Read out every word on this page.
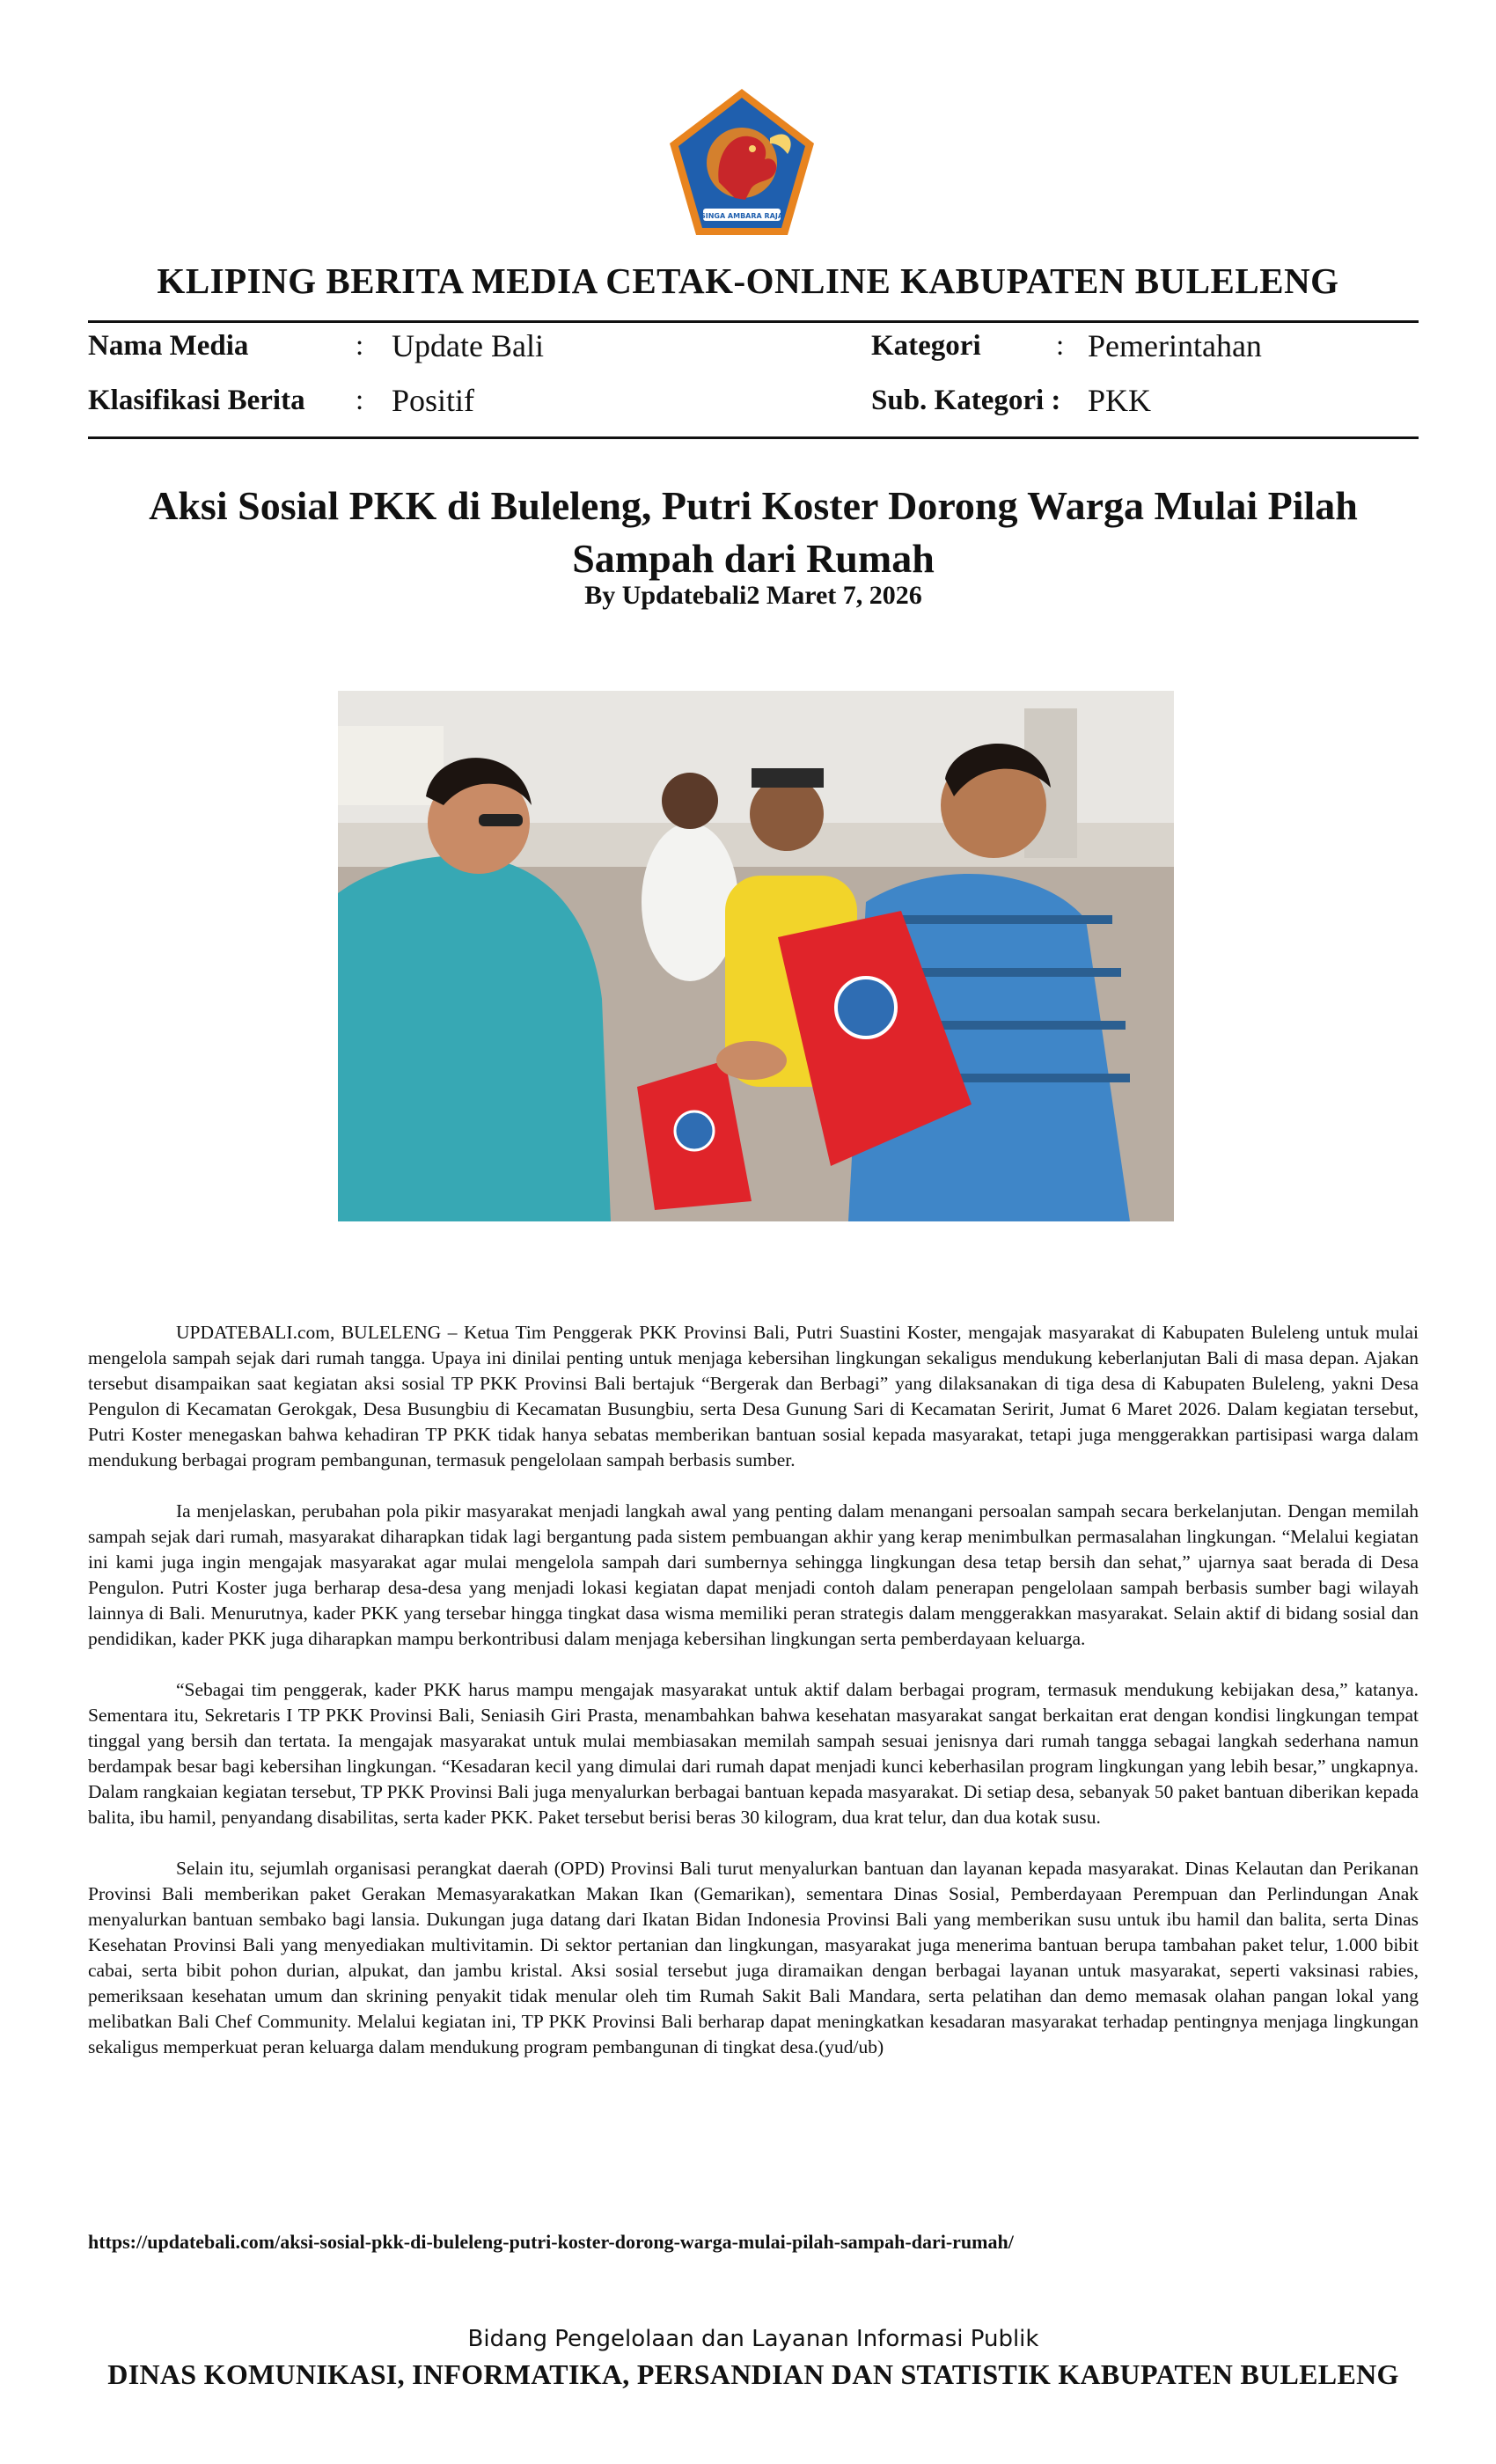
SINGA AMBARA RAJA
KLIPING BERITA MEDIA CETAK-ONLINE KABUPATEN BULELENG
Nama Media	: Update Bali
Klasifikasi Berita : Positif
Kategori	: Pemerintahan
Sub. Kategori : PKK
Aksi Sosial PKK di Buleleng, Putri Koster Dorong Warga Mulai Pilah Sampah dari Rumah
By Updatebali2 Maret 7, 2026

UPDATEBALI.com, BULELENG – Ketua Tim Penggerak PKK Provinsi Bali, Putri Suastini Koster, mengajak masyarakat di Kabupaten Buleleng untuk mulai mengelola sampah sejak dari rumah tangga. Upaya ini dinilai penting untuk menjaga kebersihan lingkungan sekaligus mendukung keberlanjutan Bali di masa depan. Ajakan tersebut disampaikan saat kegiatan aksi sosial TP PKK Provinsi Bali bertajuk “Bergerak dan Berbagi” yang dilaksanakan di tiga desa di Kabupaten Buleleng, yakni Desa Pengulon di Kecamatan Gerokgak, Desa Busungbiu di Kecamatan Busungbiu, serta Desa Gunung Sari di Kecamatan Seririt, Jumat 6 Maret 2026. Dalam kegiatan tersebut, Putri Koster menegaskan bahwa kehadiran TP PKK tidak hanya sebatas memberikan bantuan sosial kepada masyarakat, tetapi juga menggerakkan partisipasi warga dalam mendukung berbagai program pembangunan, termasuk pengelolaan sampah berbasis sumber.

Ia menjelaskan, perubahan pola pikir masyarakat menjadi langkah awal yang penting dalam menangani persoalan sampah secara berkelanjutan. Dengan memilah sampah sejak dari rumah, masyarakat diharapkan tidak lagi bergantung pada sistem pembuangan akhir yang kerap menimbulkan permasalahan lingkungan. “Melalui kegiatan ini kami juga ingin mengajak masyarakat agar mulai mengelola sampah dari sumbernya sehingga lingkungan desa tetap bersih dan sehat,” ujarnya saat berada di Desa Pengulon. Putri Koster juga berharap desa-desa yang menjadi lokasi kegiatan dapat menjadi contoh dalam penerapan pengelolaan sampah berbasis sumber bagi wilayah lainnya di Bali. Menurutnya, kader PKK yang tersebar hingga tingkat dasa wisma memiliki peran strategis dalam menggerakkan masyarakat. Selain aktif di bidang sosial dan pendidikan, kader PKK juga diharapkan mampu berkontribusi dalam menjaga kebersihan lingkungan serta pemberdayaan keluarga.

“Sebagai tim penggerak, kader PKK harus mampu mengajak masyarakat untuk aktif dalam berbagai program, termasuk mendukung kebijakan desa,” katanya. Sementara itu, Sekretaris I TP PKK Provinsi Bali, Seniasih Giri Prasta, menambahkan bahwa kesehatan masyarakat sangat berkaitan erat dengan kondisi lingkungan tempat tinggal yang bersih dan tertata. Ia mengajak masyarakat untuk mulai membiasakan memilah sampah sesuai jenisnya dari rumah tangga sebagai langkah sederhana namun berdampak besar bagi kebersihan lingkungan. “Kesadaran kecil yang dimulai dari rumah dapat menjadi kunci keberhasilan program lingkungan yang lebih besar,” ungkapnya. Dalam rangkaian kegiatan tersebut, TP PKK Provinsi Bali juga menyalurkan berbagai bantuan kepada masyarakat. Di setiap desa, sebanyak 50 paket bantuan diberikan kepada balita, ibu hamil, penyandang disabilitas, serta kader PKK. Paket tersebut berisi beras 30 kilogram, dua krat telur, dan dua kotak susu.

Selain itu, sejumlah organisasi perangkat daerah (OPD) Provinsi Bali turut menyalurkan bantuan dan layanan kepada masyarakat. Dinas Kelautan dan Perikanan Provinsi Bali memberikan paket Gerakan Memasyarakatkan Makan Ikan (Gemarikan), sementara Dinas Sosial, Pemberdayaan Perempuan dan Perlindungan Anak menyalurkan bantuan sembako bagi lansia. Dukungan juga datang dari Ikatan Bidan Indonesia Provinsi Bali yang memberikan susu untuk ibu hamil dan balita, serta Dinas Kesehatan Provinsi Bali yang menyediakan multivitamin. Di sektor pertanian dan lingkungan, masyarakat juga menerima bantuan berupa tambahan paket telur, 1.000 bibit cabai, serta bibit pohon durian, alpukat, dan jambu kristal. Aksi sosial tersebut juga diramaikan dengan berbagai layanan untuk masyarakat, seperti vaksinasi rabies, pemeriksaan kesehatan umum dan skrining penyakit tidak menular oleh tim Rumah Sakit Bali Mandara, serta pelatihan dan demo memasak olahan pangan lokal yang melibatkan Bali Chef Community. Melalui kegiatan ini, TP PKK Provinsi Bali berharap dapat meningkatkan kesadaran masyarakat terhadap pentingnya menjaga lingkungan sekaligus memperkuat peran keluarga dalam mendukung program pembangunan di tingkat desa.(yud/ub)

https://updatebali.com/aksi-sosial-pkk-di-buleleng-putri-koster-dorong-warga-mulai-pilah-sampah-dari-rumah/
Bidang Pengelolaan dan Layanan Informasi Publik
DINAS KOMUNIKASI, INFORMATIKA, PERSANDIAN DAN STATISTIK KABUPATEN BULELENG
